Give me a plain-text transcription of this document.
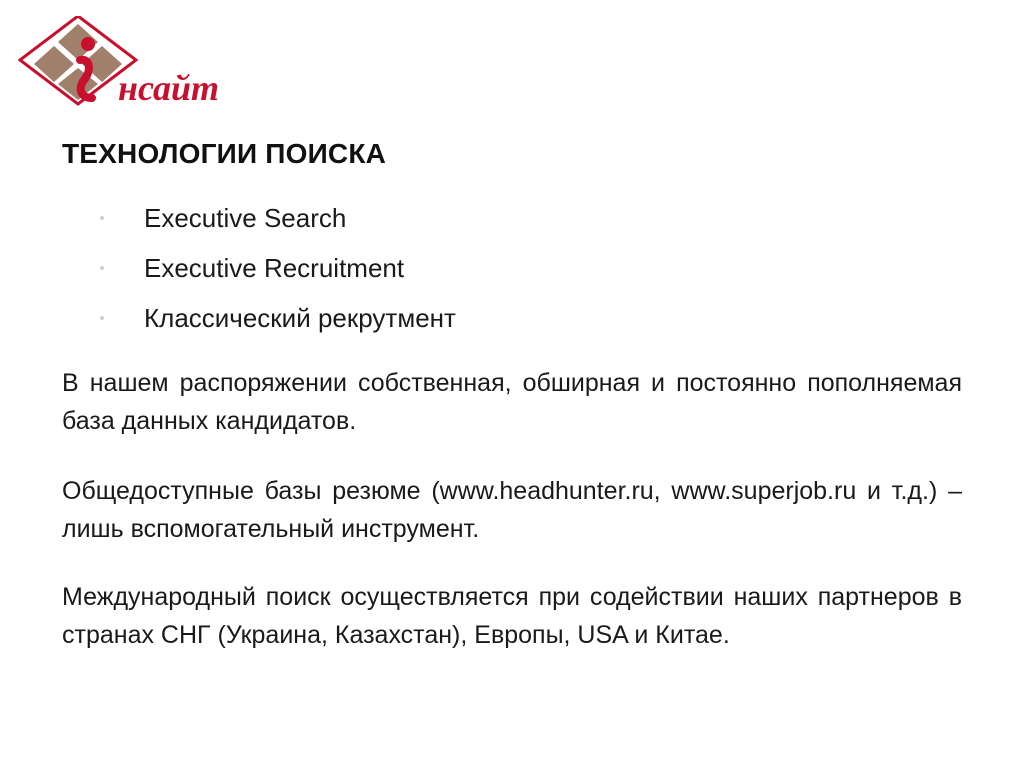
нсайт
ТЕХНОЛОГИИ ПОИСКА
Executive Search
Executive Recruitment
Классический рекрутмент

В нашем распоряжении собственная, обширная и постоянно пополняемая база данных кандидатов.

Общедоступные базы резюме (www.headhunter.ru, www.superjob.ru и т.д.) – лишь вспомогательный инструмент.

Международный поиск осуществляется при содействии наших партнеров в странах СНГ (Украина, Казахстан), Европы, USA и Китае.
